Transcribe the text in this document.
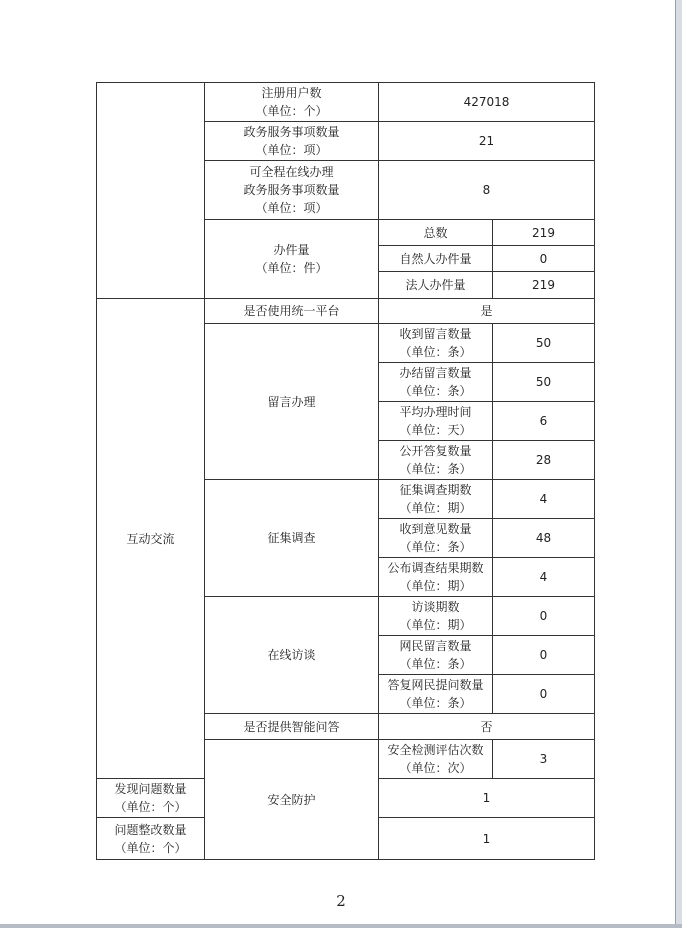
	注册用户数
（单位：个）	427018	
	政务服务事项数量
（单位：项）	21	
	可全程在线办理
政务服务事项数量
（单位：项）	8	
	办件量
（单位：件）	总数	219
		自然人办件量	0
		法人办件量	219
互动交流	是否使用统一平台	是	
	留言办理	收到留言数量
（单位：条）	50
		办结留言数量
（单位：条）	50
		平均办理时间
（单位：天）	6
		公开答复数量
（单位：条）	28
	征集调查	征集调查期数
（单位：期）	4
		收到意见数量
（单位：条）	48
		公布调查结果期数
（单位：期）	4
	在线访谈	访谈期数
（单位：期）	0
		网民留言数量
（单位：条）	0
		答复网民提问数量
（单位：条）	0
	是否提供智能问答	否	
	安全防护	安全检测评估次数
（单位：次）	3
发现问题数量
（单位：个）		1	
问题整改数量
（单位：个）		1	
2
